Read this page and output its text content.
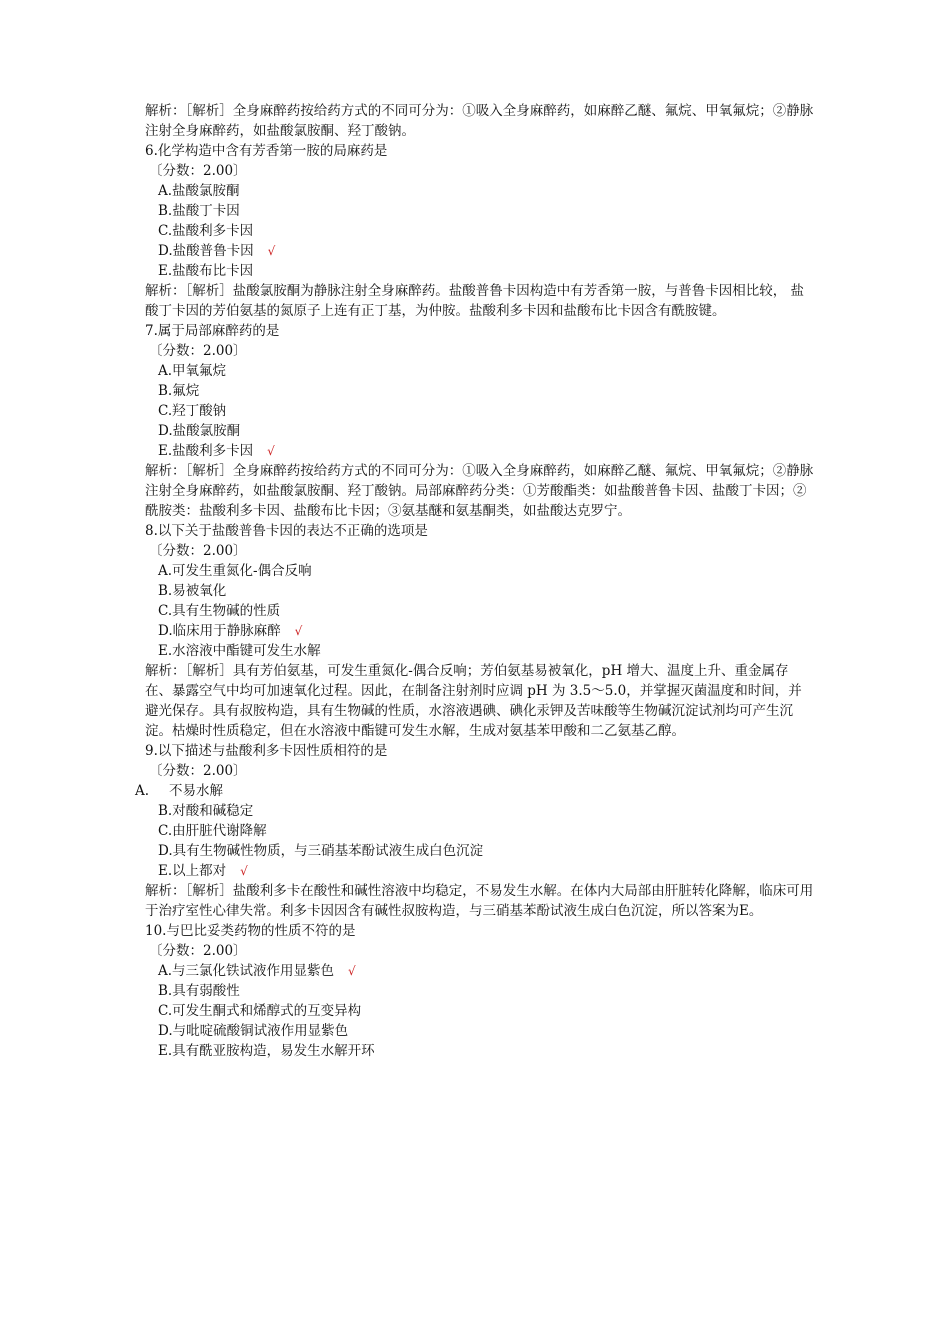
解析：［解析］全身麻醉药按给药方式的不同可分为：①吸入全身麻醉药，如麻醉乙醚、氟烷、甲氧氟烷；②静脉注射全身麻醉药，如盐酸氯胺酮、羟丁酸钠。
6.化学构造中含有芳香第一胺的局麻药是
〔分数：2.00〕
A.盐酸氯胺酮
B.盐酸丁卡因
C.盐酸利多卡因
D.盐酸普鲁卡因 √
E.盐酸布比卡因
解析：［解析］盐酸氯胺酮为静脉注射全身麻醉药。盐酸普鲁卡因构造中有芳香第一胺，与普鲁卡因相比较， 盐酸丁卡因的芳伯氨基的氮原子上连有正丁基，为仲胺。盐酸利多卡因和盐酸布比卡因含有酰胺键。
7.属于局部麻醉药的是
〔分数：2.00〕
A.甲氧氟烷
B.氟烷
C.羟丁酸钠
D.盐酸氯胺酮
E.盐酸利多卡因 √
解析：［解析］全身麻醉药按给药方式的不同可分为：①吸入全身麻醉药，如麻醉乙醚、氟烷、甲氧氟烷；②静脉注射全身麻醉药，如盐酸氯胺酮、羟丁酸钠。局部麻醉药分类：①芳酸酯类：如盐酸普鲁卡因、盐酸丁卡因；②酰胺类：盐酸利多卡因、盐酸布比卡因；③氨基醚和氨基酮类，如盐酸达克罗宁。
8.以下关于盐酸普鲁卡因的表达不正确的选项是
〔分数：2.00〕
A.可发生重氮化-偶合反响
B.易被氧化
C.具有生物碱的性质
D.临床用于静脉麻醉 √
E.水溶液中酯键可发生水解
解析：［解析］具有芳伯氨基，可发生重氮化-偶合反响；芳伯氨基易被氧化，pH 增大、温度上升、重金属存在、暴露空气中均可加速氧化过程。因此，在制备注射剂时应调 pH 为 3.5～5.0，并掌握灭菌温度和时间，并避光保存。具有叔胺构造，具有生物碱的性质，水溶液遇碘、碘化汞钾及苦味酸等生物碱沉淀试剂均可产生沉淀。枯燥时性质稳定，但在水溶液中酯键可发生水解，生成对氨基苯甲酸和二乙氨基乙醇。
9.以下描述与盐酸利多卡因性质相符的是
〔分数：2.00〕
A. 不易水解
B.对酸和碱稳定
C.由肝脏代谢降解
D.具有生物碱性物质，与三硝基苯酚试液生成白色沉淀
E.以上都对 √
解析：［解析］盐酸利多卡在酸性和碱性溶液中均稳定，不易发生水解。在体内大局部由肝脏转化降解，临床可用于治疗室性心律失常。利多卡因因含有碱性叔胺构造，与三硝基苯酚试液生成白色沉淀，所以答案为E。
10.与巴比妥类药物的性质不符的是
〔分数：2.00〕
A.与三氯化铁试液作用显紫色 √
B.具有弱酸性
C.可发生酮式和烯醇式的互变异构
D.与吡啶硫酸铜试液作用显紫色
E.具有酰亚胺构造，易发生水解开环
